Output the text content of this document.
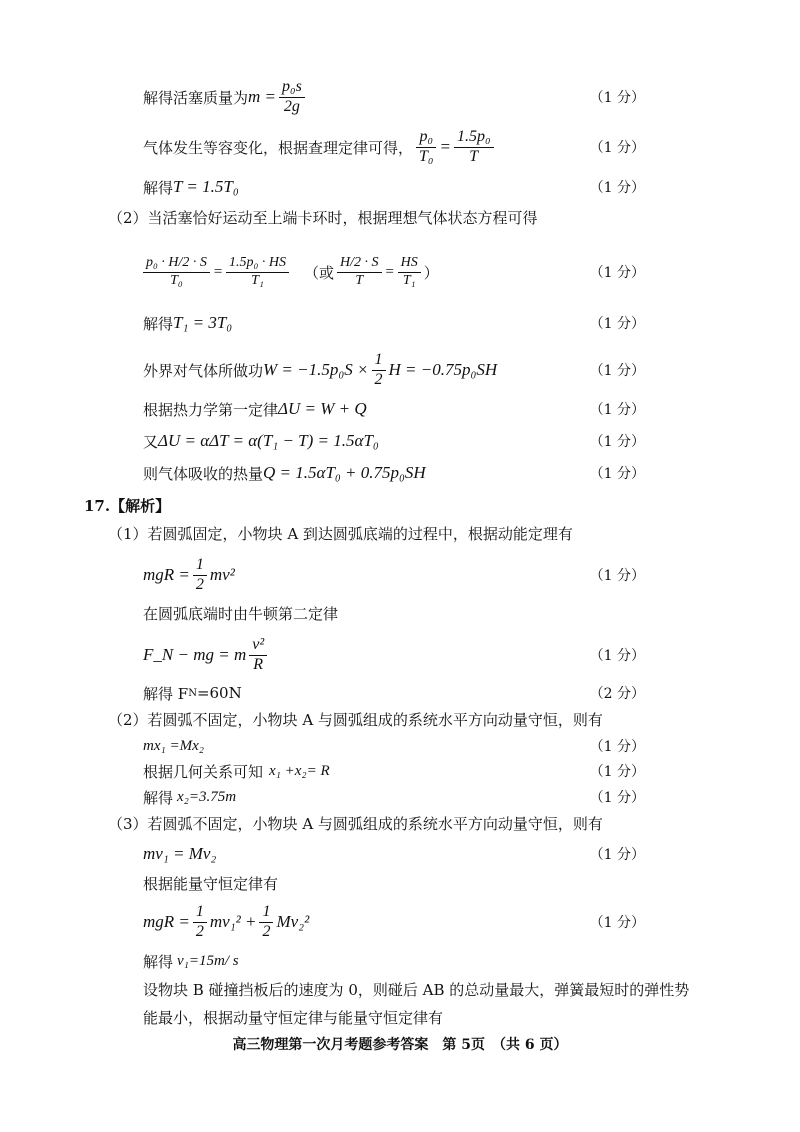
解得活塞质量为 $m = \frac{\text{p₀s}}{2g}$	（1 分）
气体发生等容变化，根据查理定律可得， $\frac{\text{p₀}}{\text{T₀}} = \frac{\text{1.5p₀}}{T}$	（1 分）
解得 T = 1.5T₀	（1 分）
（2）当活塞恰好运动至上端卡环时，根据理想气体状态方程可得
$\frac{\text{p₀ · H/2 · S}}{\text{T₀}} = \frac{\text{1.5p₀ · HS}}{\text{T₁}}$ （或 $\frac{H/2 \cdot S}{T} = \frac{HS}{\text{T₁}}$ ）	（1 分）
解得 T₁ = 3T₀	（1 分）
外界对气体所做功 $W = -1.5p_0S \times \frac{1}{2}$ H = −0.75p₀SH	（1 分）
根据热力学第一定律 ΔU = W + Q	（1 分）
又 ΔU = αΔT = α(T₁ − T) = 1.5αT₀	（1 分）
则气体吸收的热量 Q = 1.5αT₀ + 0.75p₀SH	（1 分）
17.【解析】
（1）若圆弧固定，小物块 A 到达圆弧底端的过程中，根据动能定理有
mgR = $\frac{1}{2} mv^2$	（1 分）
在圆弧底端时由牛顿第二定律
F_N − mg = m $\frac{\text{v²}}{R}$	（1 分）
解得 F N =60N	（2 分）
（2）若圆弧不固定，小物块 A 与圆弧组成的系统水平方向动量守恒，则有
mx₁ =Mx₂	（1 分）
根据几何关系可知 x₁ +x₂= R	（1 分）
解得 x₂=3.75m	（1 分）
（3）若圆弧不固定，小物块 A 与圆弧组成的系统水平方向动量守恒，则有
mv₁ = Mv₂	（1 分）
根据能量守恒定律有
mgR = $\frac{1}{2} mv_1^2 + \frac{1}{2} Mv_2^2$	（1 分）
解得 v₁=15m/ s
设物块 B 碰撞挡板后的速度为 0，则碰后 AB 的总动量最大，弹簧最短时的弹性势
能最小，根据动量守恒定律与能量守恒定律有
高三物理第一次月考题参考答案　第 5页　（共 6 页）
